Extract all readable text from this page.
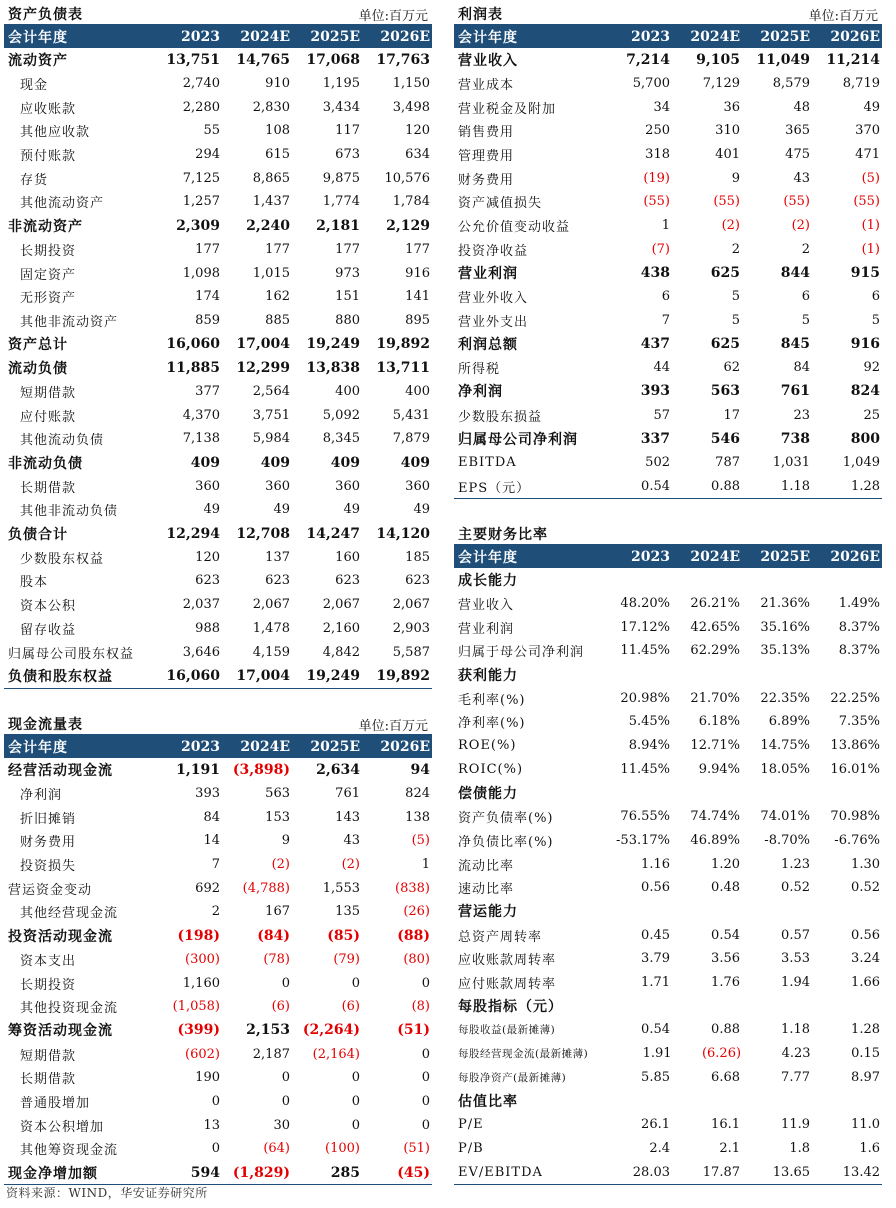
资产负债表	单位:百万元
会计年度	2023	2024E	2025E	2026E
流动资产	13,751	14,765	17,068	17,763
现金	2,740	910	1,195	1,150
应收账款	2,280	2,830	3,434	3,498
其他应收款	55	108	117	120
预付账款	294	615	673	634
存货	7,125	8,865	9,875	10,576
其他流动资产	1,257	1,437	1,774	1,784
非流动资产	2,309	2,240	2,181	2,129
长期投资	177	177	177	177
固定资产	1,098	1,015	973	916
无形资产	174	162	151	141
其他非流动资产	859	885	880	895
资产总计	16,060	17,004	19,249	19,892
流动负债	11,885	12,299	13,838	13,711
短期借款	377	2,564	400	400
应付账款	4,370	3,751	5,092	5,431
其他流动负债	7,138	5,984	8,345	7,879
非流动负债	409	409	409	409
长期借款	360	360	360	360
其他非流动负债	49	49	49	49
负债合计	12,294	12,708	14,247	14,120
少数股东权益	120	137	160	185
股本	623	623	623	623
资本公积	2,037	2,067	2,067	2,067
留存收益	988	1,478	2,160	2,903
归属母公司股东权益	3,646	4,159	4,842	5,587
负债和股东权益	16,060	17,004	19,249	19,892
利润表	单位:百万元
会计年度	2023	2024E	2025E	2026E
营业收入	7,214	9,105	11,049	11,214
营业成本	5,700	7,129	8,579	8,719
营业税金及附加	34	36	48	49
销售费用	250	310	365	370
管理费用	318	401	475	471
财务费用	(19)	9	43	(5)
资产减值损失	(55)	(55)	(55)	(55)
公允价值变动收益	1	(2)	(2)	(1)
投资净收益	(7)	2	2	(1)
营业利润	438	625	844	915
营业外收入	6	5	6	6
营业外支出	7	5	5	5
利润总额	437	625	845	916
所得税	44	62	84	92
净利润	393	563	761	824
少数股东损益	57	17	23	25
归属母公司净利润	337	546	738	800
EBITDA	502	787	1,031	1,049
EPS（元）	0.54	0.88	1.18	1.28
现金流量表	单位:百万元
会计年度	2023	2024E	2025E	2026E
经营活动现金流	1,191 (3,898)	2,634	94
净利润	393	563	761	824
折旧摊销	84	153	143	138
财务费用	14	9	43	(5)
投资损失	7	(2)	(2)	1
营运资金变动	692	(4,788)	1,553	(838)
其他经营现金流	2	167	135	(26)
投资活动现金流	(198)	(84)	(85)	(88)
资本支出	(300)	(78)	(79)	(80)
长期投资	1,160	0	0	0
其他投资现金流	(1,058)	(6)	(6)	(8)
筹资活动现金流	(399)	2,153 (2,264)	(51)
短期借款	(602)	2,187	(2,164)	0
长期借款	190	0	0	0
普通股增加	0	0	0	0
资本公积增加	13	30	0	0
其他筹资现金流	0	(64)	(100)	(51)
现金净增加额	594 (1,829)	285	(45)
主要财务比率
会计年度	2023	2024E	2025E	2026E
成长能力
营业收入	48.20%	26.21%	21.36%	1.49%
营业利润	17.12%	42.65%	35.16%	8.37%
归属于母公司净利润	11.45%	62.29%	35.13%	8.37%
获利能力
毛利率(%)	20.98%	21.70%	22.35%	22.25%
净利率(%)	5.45%	6.18%	6.89%	7.35%
ROE(%)	8.94%	12.71%	14.75%	13.86%
ROIC(%)	11.45%	9.94%	18.05%	16.01%
偿债能力
资产负债率(%)	76.55%	74.74%	74.01%	70.98%
净负债比率(%)	-53.17%	46.89%	-8.70%	-6.76%
流动比率	1.16	1.20	1.23	1.30
速动比率	0.56	0.48	0.52	0.52
营运能力
总资产周转率	0.45	0.54	0.57	0.56
应收账款周转率	3.79	3.56	3.53	3.24
应付账款周转率	1.71	1.76	1.94	1.66
每股指标（元）
每股收益(最新摊薄)	0.54	0.88	1.18	1.28
每股经营现金流(最新摊薄)	1.91	(6.26)	4.23	0.15
每股净资产(最新摊薄)	5.85	6.68	7.77	8.97
估值比率
P/E	26.1	16.1	11.9	11.0
P/B	2.4	2.1	1.8	1.6
EV/EBITDA	28.03	17.87	13.65	13.42
资料来源：WIND，华安证券研究所
